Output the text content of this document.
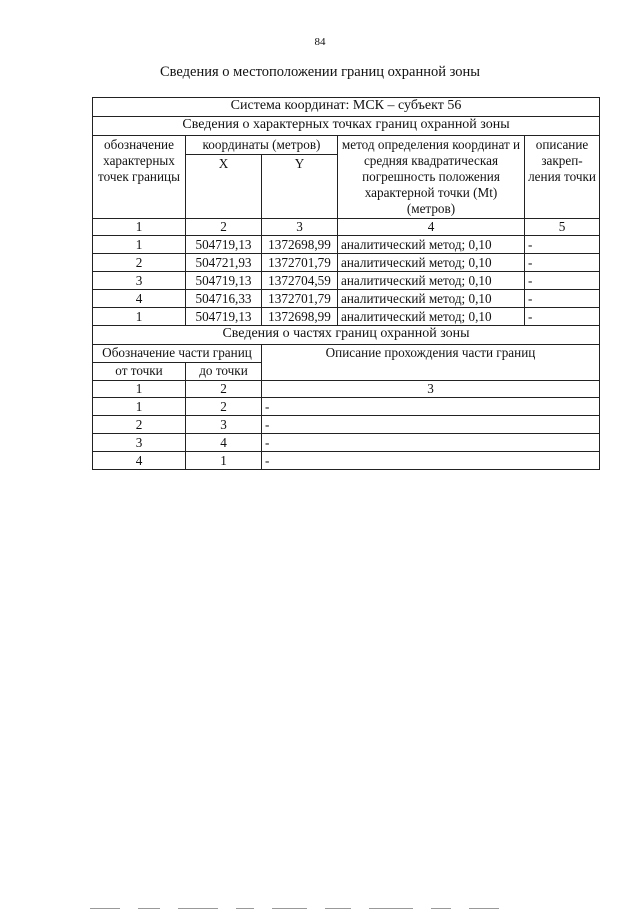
84
Сведения о местоположении границ охранной зоны
Система координат: МСК – субъект 56				
Сведения о характерных точках границ охранной зоны				
обозначение характерных точек границы	координаты (метров)		метод определения координат и средняя квадратическая погрешность положения характерной точки (Mt) (метров)	описание закреп-ления точки
	X	Y		
1	2	3	4	5
1	504719,13	1372698,99	аналитический метод; 0,10	-
2	504721,93	1372701,79	аналитический метод; 0,10	-
3	504719,13	1372704,59	аналитический метод; 0,10	-
4	504716,33	1372701,79	аналитический метод; 0,10	-
1	504719,13	1372698,99	аналитический метод; 0,10	-
Сведения о частях границ охранной зоны				
Обозначение части границ		Описание прохождения части границ		
от точки	до точки			
1	2	3		
1	2	-		
2	3	-		
3	4	-		
4	1	-		
